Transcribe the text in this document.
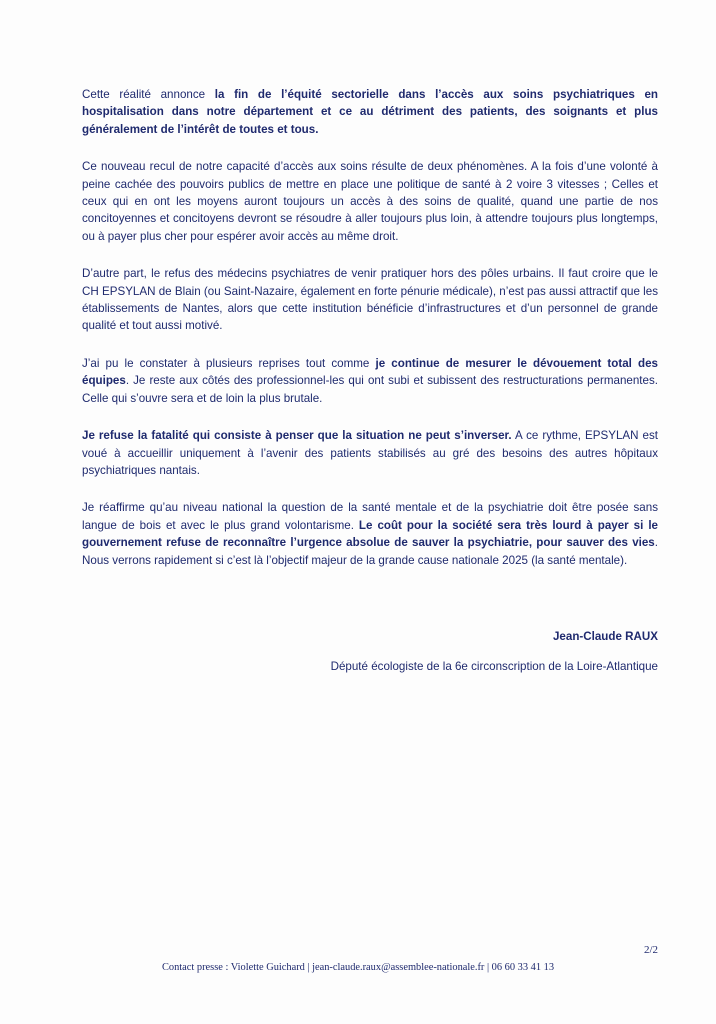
Cette réalité annonce la fin de l’équité sectorielle dans l’accès aux soins psychiatriques en hospitalisation dans notre département et ce au détriment des patients, des soignants et plus généralement de l’intérêt de toutes et tous.

Ce nouveau recul de notre capacité d’accès aux soins résulte de deux phénomènes. A la fois d’une volonté à peine cachée des pouvoirs publics de mettre en place une politique de santé à 2 voire 3 vitesses ; Celles et ceux qui en ont les moyens auront toujours un accès à des soins de qualité, quand une partie de nos concitoyennes et concitoyens devront se résoudre à aller toujours plus loin, à attendre toujours plus longtemps, ou à payer plus cher pour espérer avoir accès au même droit.

D’autre part, le refus des médecins psychiatres de venir pratiquer hors des pôles urbains. Il faut croire que le CH EPSYLAN de Blain (ou Saint-Nazaire, également en forte pénurie médicale), n’est pas aussi attractif que les établissements de Nantes, alors que cette institution bénéficie d’infrastructures et d’un personnel de grande qualité et tout aussi motivé.

J’ai pu le constater à plusieurs reprises tout comme je continue de mesurer le dévouement total des équipes. Je reste aux côtés des professionnel-les qui ont subi et subissent des restructurations permanentes. Celle qui s’ouvre sera et de loin la plus brutale.

Je refuse la fatalité qui consiste à penser que la situation ne peut s’inverser. A ce rythme, EPSYLAN est voué à accueillir uniquement à l’avenir des patients stabilisés au gré des besoins des autres hôpitaux psychiatriques nantais.

Je réaffirme qu’au niveau national la question de la santé mentale et de la psychiatrie doit être posée sans langue de bois et avec le plus grand volontarisme. Le coût pour la société sera très lourd à payer si le gouvernement refuse de reconnaître l’urgence absolue de sauver la psychiatrie, pour sauver des vies. Nous verrons rapidement si c’est là l’objectif majeur de la grande cause nationale 2025 (la santé mentale).

Jean-Claude RAUX
Député écologiste de la 6e circonscription de la Loire-Atlantique
2/2
Contact presse : Violette Guichard | jean-claude.raux@assemblee-nationale.fr | 06 60 33 41 13
